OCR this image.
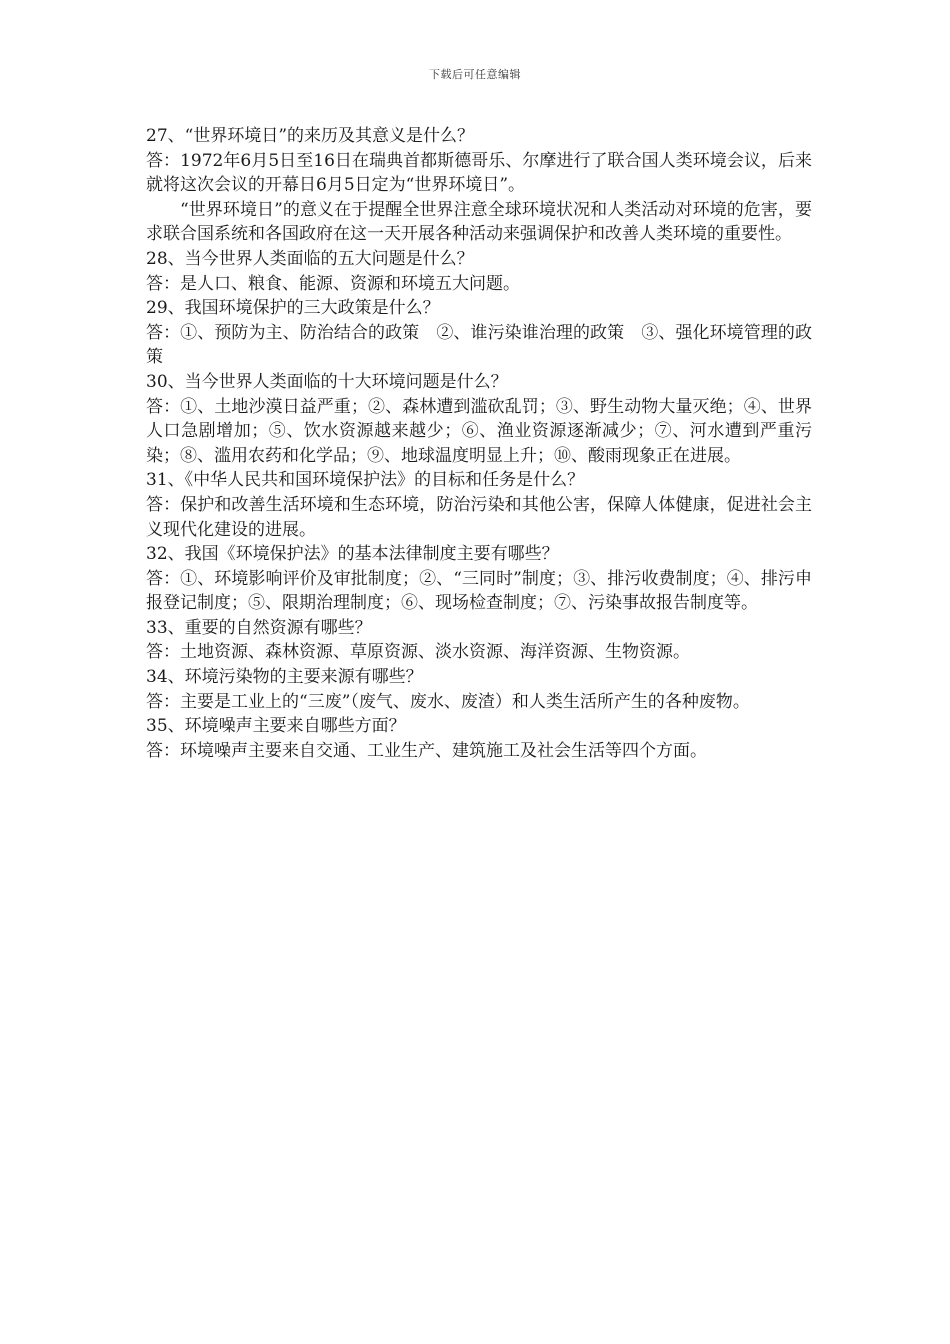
下载后可任意编辑

27、“世界环境日”的来历及其意义是什么？

答：1972年6月5日至16日在瑞典首都斯德哥乐、尔摩进行了联合国人类环境会议，后来就将这次会议的开幕日6月5日定为“世界环境日”。

“世界环境日”的意义在于提醒全世界注意全球环境状况和人类活动对环境的危害，要求联合国系统和各国政府在这一天开展各种活动来强调保护和改善人类环境的重要性。

28、当今世界人类面临的五大问题是什么？

答：是人口、粮食、能源、资源和环境五大问题。

29、我国环境保护的三大政策是什么？

答：①、预防为主、防治结合的政策　②、谁污染谁治理的政策　③、强化环境管理的政策

30、当今世界人类面临的十大环境问题是什么？

答：①、土地沙漠日益严重；②、森林遭到滥砍乱罚；③、野生动物大量灭绝；④、世界人口急剧增加；⑤、饮水资源越来越少；⑥、渔业资源逐渐减少；⑦、河水遭到严重污染；⑧、滥用农药和化学品；⑨、地球温度明显上升；⑩、酸雨现象正在进展。

31、《中华人民共和国环境保护法》的目标和任务是什么？

答：保护和改善生活环境和生态环境，防治污染和其他公害，保障人体健康，促进社会主义现代化建设的进展。

32、我国《环境保护法》的基本法律制度主要有哪些？

答：①、环境影响评价及审批制度；②、“三同时”制度；③、排污收费制度；④、排污申报登记制度；⑤、限期治理制度；⑥、现场检查制度；⑦、污染事故报告制度等。

33、重要的自然资源有哪些？

答：土地资源、森林资源、草原资源、淡水资源、海洋资源、生物资源。

34、环境污染物的主要来源有哪些？

答：主要是工业上的“三废”（废气、废水、废渣）和人类生活所产生的各种废物。

35、环境噪声主要来自哪些方面？

答：环境噪声主要来自交通、工业生产、建筑施工及社会生活等四个方面。
